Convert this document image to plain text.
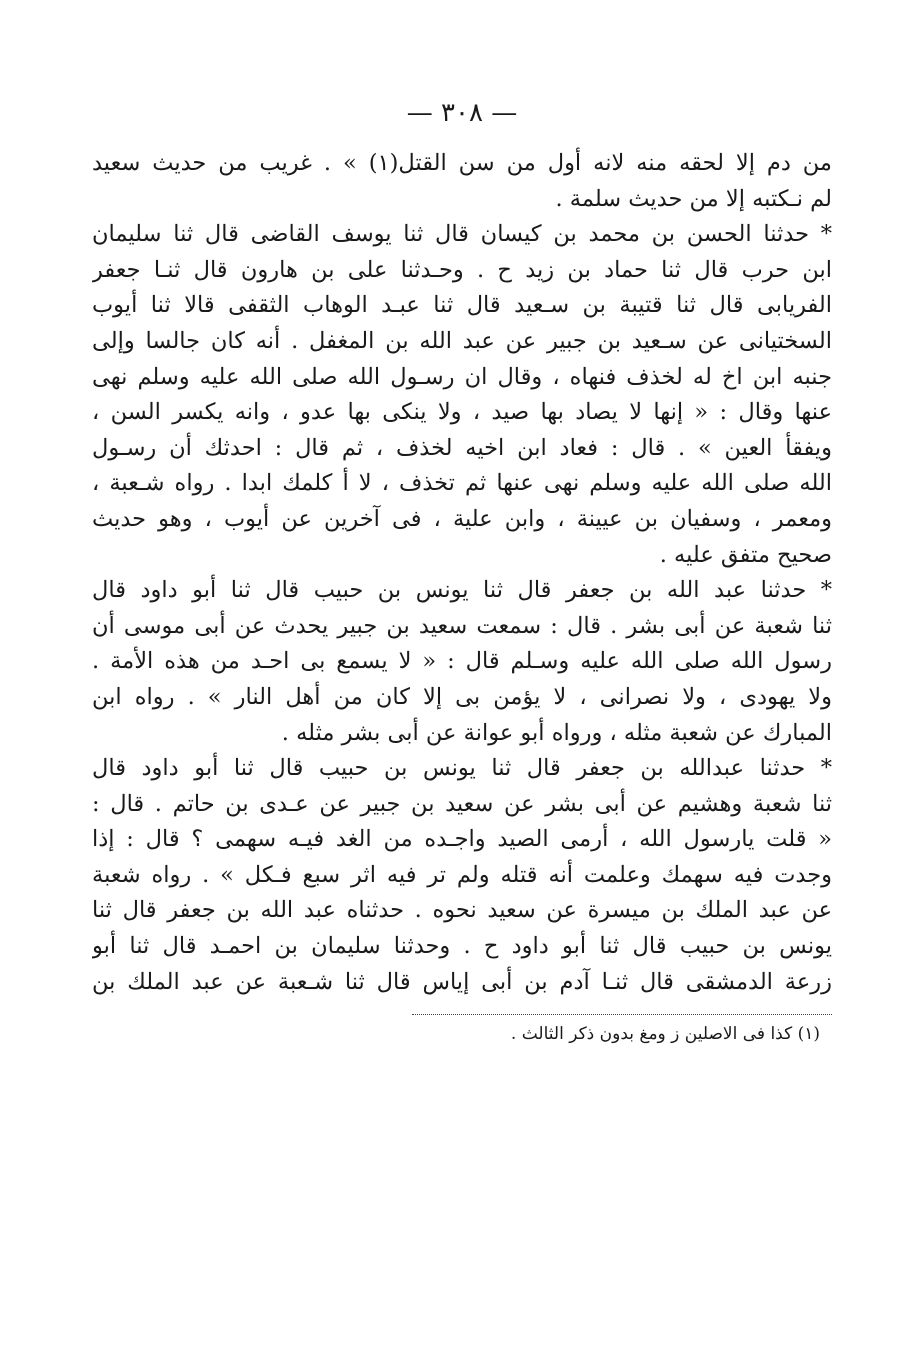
— ٣٠٨ —
من دم إلا لحقه منه لانه أول من سن القتل(١) » . غريب من حديث سعيد
لم نـكتبه إلا من حديث سلمة .
* حدثنا الحسن بن محمد بن كيسان قال ثنا يوسف القاضى قال ثنا سليمان
ابن حرب قال ثنا حماد بن زيد ح . وحـدثنا على بن هارون قال ثنـا جعفر
الفريابى قال ثنا قتيبة بن سـعيد قال ثنا عبـد الوهاب الثقفى قالا ثنا أيوب
السختيانى عن سـعيد بن جبير عن عبد الله بن المغفل . أنه كان جالسا وإلى
جنبه ابن اخ له لخذف فنهاه ، وقال ان رسـول الله صلى الله عليه وسلم نهى
عنها وقال : « إنها لا يصاد بها صيد ، ولا ينكى بها عدو ، وانه يكسر السن ،
ويفقأ العين » . قال : فعاد ابن اخيه لخذف ، ثم قال : احدثك أن رسـول
الله صلى الله عليه وسلم نهى عنها ثم تخذف ، لا أ كلمك ابدا . رواه شـعبة ،
ومعمر ، وسفيان بن عيينة ، وابن علية ، فى آخرين عن أيوب ، وهو حديث
صحيح متفق عليه .
* حدثنا عبد الله بن جعفر قال ثنا يونس بن حبيب قال ثنا أبو داود قال
ثنا شعبة عن أبى بشر . قال : سمعت سعيد بن جبير يحدث عن أبى موسى أن
رسول الله صلى الله عليه وسـلم قال : « لا يسمع بى احـد من هذه الأمة .
ولا يهودى ، ولا نصرانى ، لا يؤمن بى إلا كان من أهل النار » . رواه ابن
المبارك عن شعبة مثله ، ورواه أبو عوانة عن أبى بشر مثله .
* حدثنا عبدالله بن جعفر قال ثنا يونس بن حبيب قال ثنا أبو داود قال
ثنا شعبة وهشيم عن أبى بشر عن سعيد بن جبير عن عـدى بن حاتم . قال :
« قلت يارسول الله ، أرمى الصيد واجـده من الغد فيـه سهمى ؟ قال : إذا
وجدت فيه سهمك وعلمت أنه قتله ولم تر فيه اثر سبع فـكل » . رواه شعبة
عن عبد الملك بن ميسرة عن سعيد نحوه . حدثناه عبد الله بن جعفر قال ثنا
يونس بن حبيب قال ثنا أبو داود ح . وحدثنا سليمان بن احمـد قال ثنا أبو
زرعة الدمشقى قال ثنـا آدم بن أبى إياس قال ثنا شـعبة عن عبد الملك بن
(١) كذا فى الاصلين ز ومغ بدون ذكر الثالث .
